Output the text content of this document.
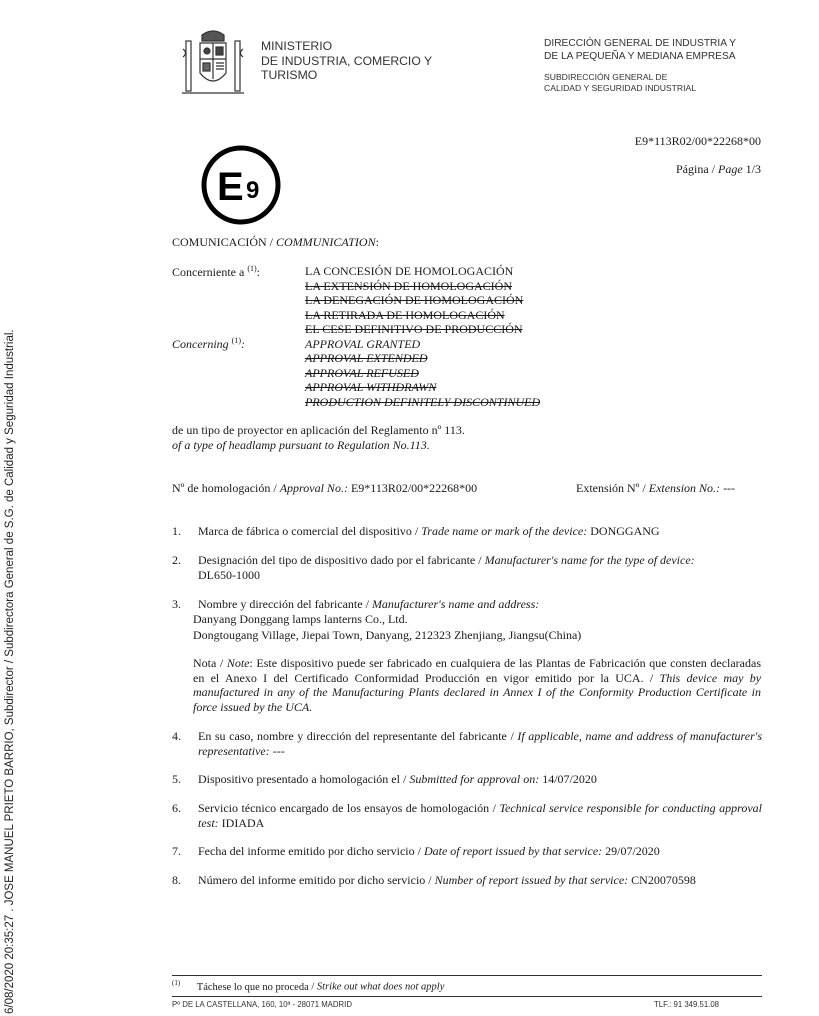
6/08/2020 20:35:27 . JOSE MANUEL PRIETO BARRIO, Subdirector / Subdirectora General de S.G. de Calidad y Seguridad Industrial.
MINISTERIO
DE INDUSTRIA, COMERCIO Y
TURISMO
DIRECCIÓN GENERAL DE INDUSTRIA Y
DE LA PEQUEÑA Y MEDIANA EMPRESA
SUBDIRECCIÓN GENERAL DE
CALIDAD Y SEGURIDAD INDUSTRIAL
E9*113R02/00*22268*00
Página / Page 1/3
E 9
COMUNICACIÓN / COMMUNICATION:
Concerniente a $^{(1)}$:	LA CONCESIÓN DE HOMOLOGACIÓN
LA EXTENSIÓN DE HOMOLOGACIÓN
LA DENEGACIÓN DE HOMOLOGACIÓN
LA RETIRADA DE HOMOLOGACIÓN
EL CESE DEFINITIVO DE PRODUCCIÓN
APPROVAL GRANTED
APPROVAL EXTENDED
APPROVAL REFUSED
APPROVAL WITHDRAWN
PRODUCTION DEFINITELY DISCONTINUED
Concerning $^{(1)}$:
de un tipo de proyector en aplicación del Reglamento nº 113.
of a type of headlamp pursuant to Regulation No.113.
Nº de homologación / Approval No.: E9*113R02/00*22268*00	Extensión Nº / Extension No.: ---
1. Marca de fábrica o comercial del dispositivo / Trade name or mark of the device: DONGGANG
2. Designación del tipo de dispositivo dado por el fabricante / Manufacturer's name for the type of device:
DL650-1000
3. Nombre y dirección del fabricante / Manufacturer's name and address:
Danyang Donggang lamps lanterns Co., Ltd.
Dongtougang Village, Jiepai Town, Danyang, 212323 Zhenjiang, Jiangsu(China)
Nota / Note: Este dispositivo puede ser fabricado en cualquiera de las Plantas de Fabricación que consten declaradas en el Anexo I del Certificado Conformidad Producción en vigor emitido por la UCA. / This device may by manufactured in any of the Manufacturing Plants declared in Annex I of the Conformity Production Certificate in force issued by the UCA.
4. En su caso, nombre y dirección del representante del fabricante / If applicable, name and address of manufacturer's representative: ---
5. Dispositivo presentado a homologación el / Submitted for approval on: 14/07/2020
6. Servicio técnico encargado de los ensayos de homologación / Technical service responsible for conducting approval test: IDIADA
7. Fecha del informe emitido por dicho servicio / Date of report issued by that service: 29/07/2020
8. Número del informe emitido por dicho servicio / Number of report issued by that service: CN20070598
$^{(1)}$ Táchese lo que no proceda / Strike out what does not apply
Pº DE LA CASTELLANA, 160, 10ª - 28071 MADRID	TLF.: 91 349.51.08
